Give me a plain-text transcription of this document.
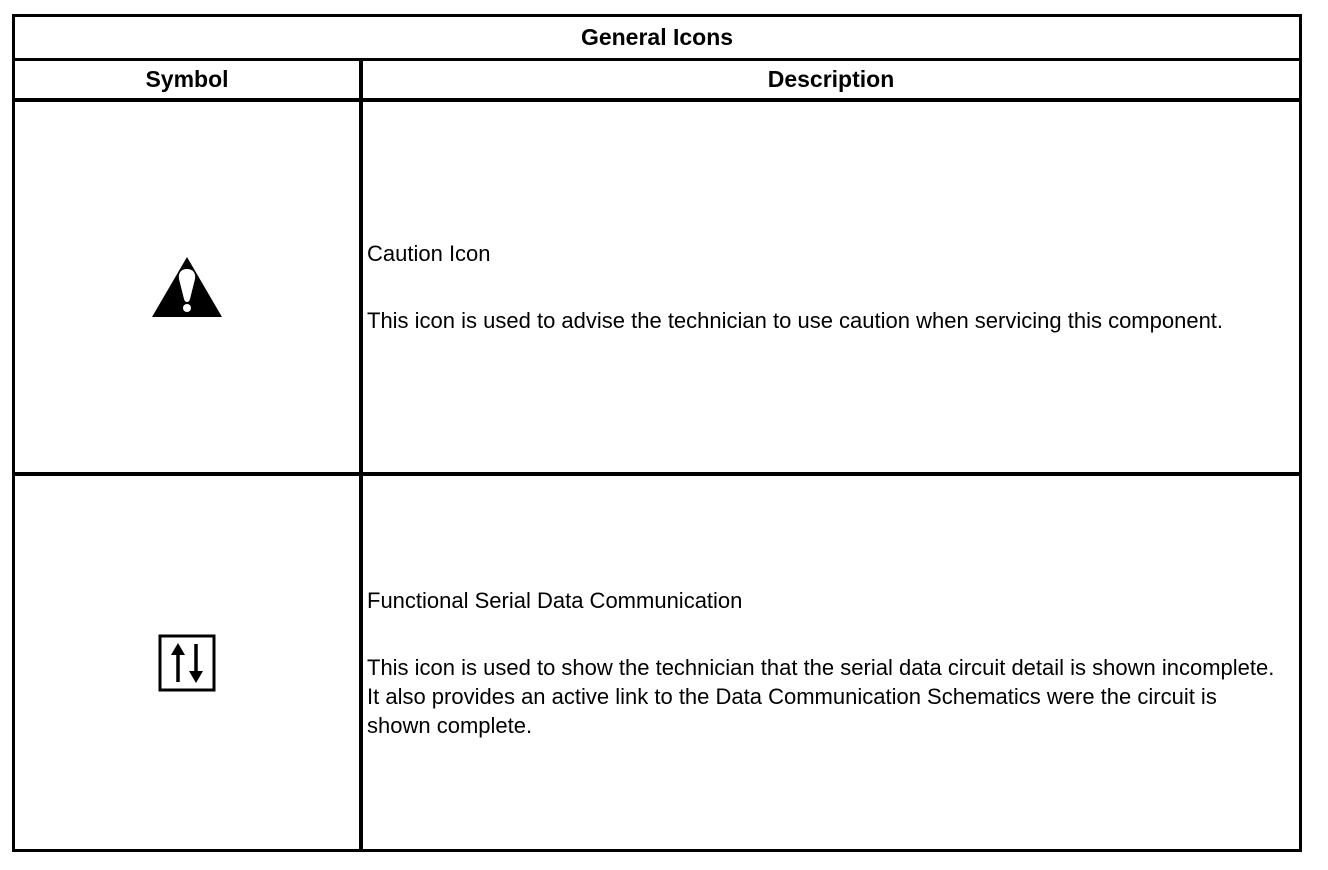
General Icons
Symbol	Description

Caution Icon

This icon is used to advise the technician to use caution when servicing this component.

Functional Serial Data Communication

This icon is used to show the technician that the serial data circuit detail is shown incomplete. It also provides an active link to the Data Communication Schematics were the circuit is shown complete.
